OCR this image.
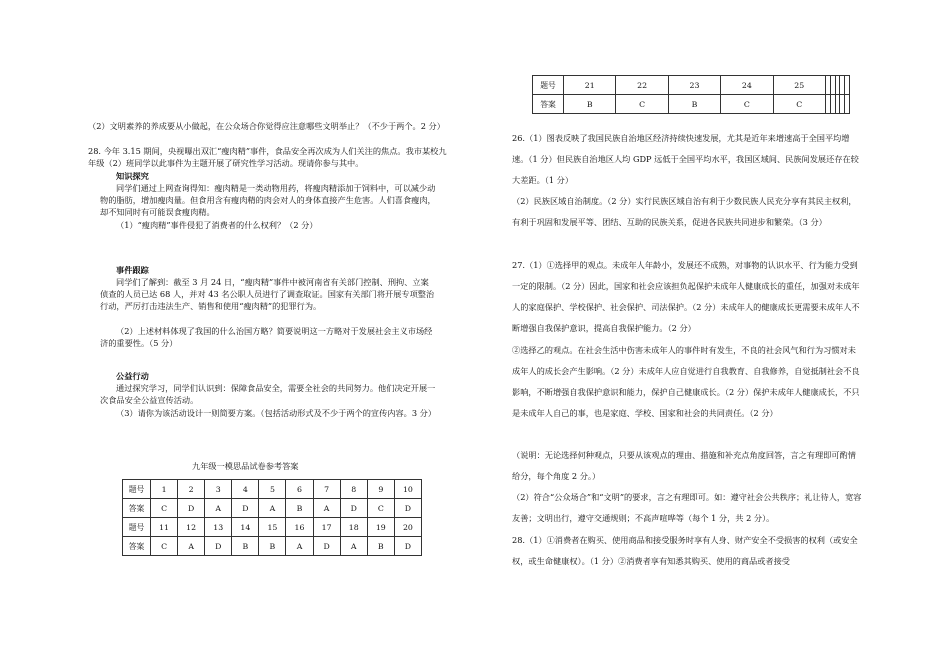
（2）文明素养的养成要从小做起，在公众场合你觉得应注意哪些文明举止？（不少于两个。2 分）
28. 今年 3.15 期间，央视曝出双汇“瘦肉精”事件，食品安全再次成为人们关注的焦点。我市某校九年级（2）班同学以此事件为主题开展了研究性学习活动。现请你参与其中。
知识探究
同学们通过上网查询得知：瘦肉精是一类动物用药，将瘦肉精添加于饲料中，可以减少动物的脂肪，增加瘦肉量。但食用含有瘦肉精的肉会对人的身体直接产生危害。人们喜食瘦肉，却不知同时有可能误食瘦肉精。
（1）“瘦肉精”事件侵犯了消费者的什么权利？（2 分）
事件跟踪
同学们了解到：截至 3 月 24 日，“瘦肉精”事件中被河南省有关部门控制、刑拘、立案侦查的人员已达 68 人，并对 43 名公职人员进行了调查取证。国家有关部门将开展专项整治行动，严厉打击违法生产、销售和使用“瘦肉精”的犯罪行为。
（2）上述材料体现了我国的什么治国方略？简要说明这一方略对于发展社会主义市场经济的重要性。（5 分）
公益行动
通过探究学习，同学们认识到：保障食品安全，需要全社会的共同努力。他们决定开展一次食品安全公益宣传活动。
（3）请你为该活动设计一则简要方案。（包括活动形式及不少于两个的宣传内容。3 分）
九年级一模思品试卷参考答案
题号	1	2	3	4	5	6	7	8	9	10
答案	C	D	A	D	A	B	A	D	C	D
题号	11	12	13	14	15	16	17	18	19	20
答案	C	A	D	B	B	A	D	A	B	D
题号	21	22	23	24	25					
答案	B	C	B	C	C					
26.（1）图表反映了我国民族自治地区经济持续快速发展，尤其是近年来增速高于全国平均增速。（1 分）但民族自治地区人均 GDP 远低于全国平均水平，我国区域间、民族间发展还存在较大差距。（1 分）
（2）民族区域自治制度。（2 分）实行民族区域自治有利于少数民族人民充分享有其民主权利，有利于巩固和发展平等、团结、互助的民族关系，促进各民族共同进步和繁荣。（3 分）
27.（1）①选择甲的观点。未成年人年龄小，发展还不成熟，对事物的认识水平、行为能力受到一定的限制。（2 分）因此，国家和社会应该担负起保护未成年人健康成长的重任，加强对未成年人的家庭保护、学校保护、社会保护、司法保护。（2 分）未成年人的健康成长更需要未成年人不断增强自我保护意识，提高自我保护能力。（2 分）
②选择乙的观点。在社会生活中伤害未成年人的事件时有发生，不良的社会风气和行为习惯对未成年人的成长会产生影响。（2 分）未成年人应自觉进行自我教育、自我修养，自觉抵制社会不良影响，不断增强自我保护意识和能力，保护自己健康成长。（2 分）保护未成年人健康成长，不只是未成年人自己的事，也是家庭、学校、国家和社会的共同责任。（2 分）
（说明：无论选择何种观点，只要从该观点的理由、措施和补充点角度回答，言之有理即可酌情给分，每个角度 2 分。）
（2）符合“公众场合”和“文明”的要求，言之有理即可。如：遵守社会公共秩序；礼让待人，宽容友善；文明出行，遵守交通规则；不高声喧哗等（每个 1 分，共 2 分）。
28.（1）①消费者在购买、使用商品和接受服务时享有人身、财产安全不受损害的权利（或安全权，或生命健康权）。（1 分）②消费者享有知悉其购买、使用的商品或者接受
